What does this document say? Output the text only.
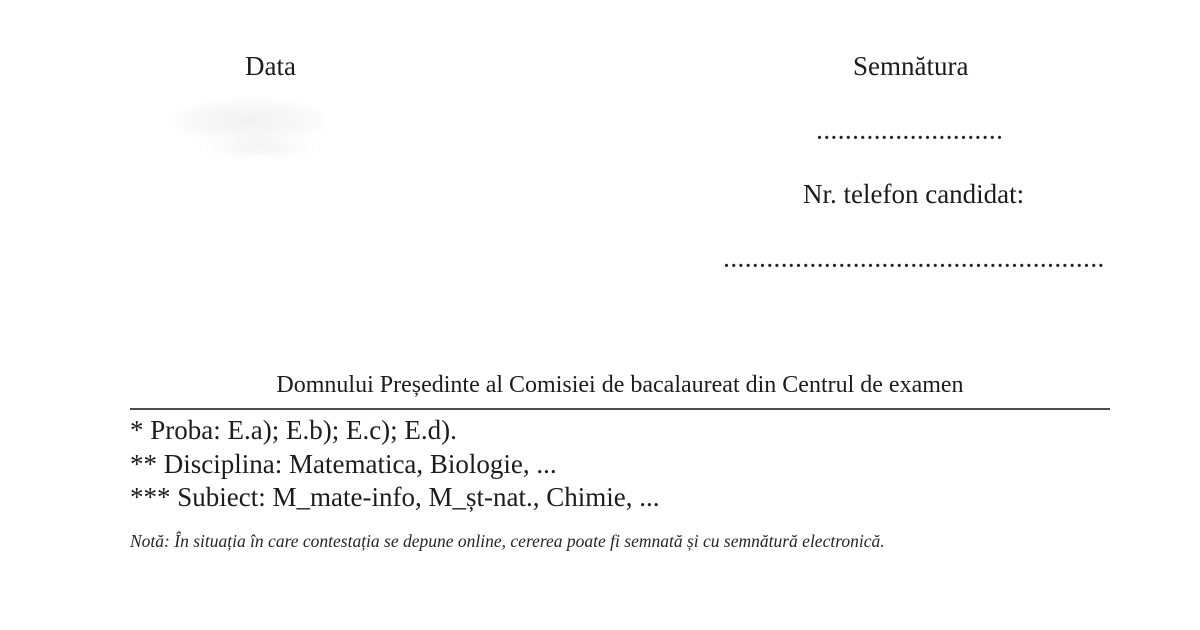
Data	Semnătura
..........................
Nr. telefon candidat:
.....................................................
Domnului Președinte al Comisiei de bacalaureat din Centrul de examen
* Proba: E.a); E.b); E.c); E.d).
** Disciplina: Matematica, Biologie, ...
*** Subiect: M_mate-info, M_șt-nat., Chimie, ...
Notă: În situația în care contestația se depune online, cererea poate fi semnată și cu semnătură electronică.
